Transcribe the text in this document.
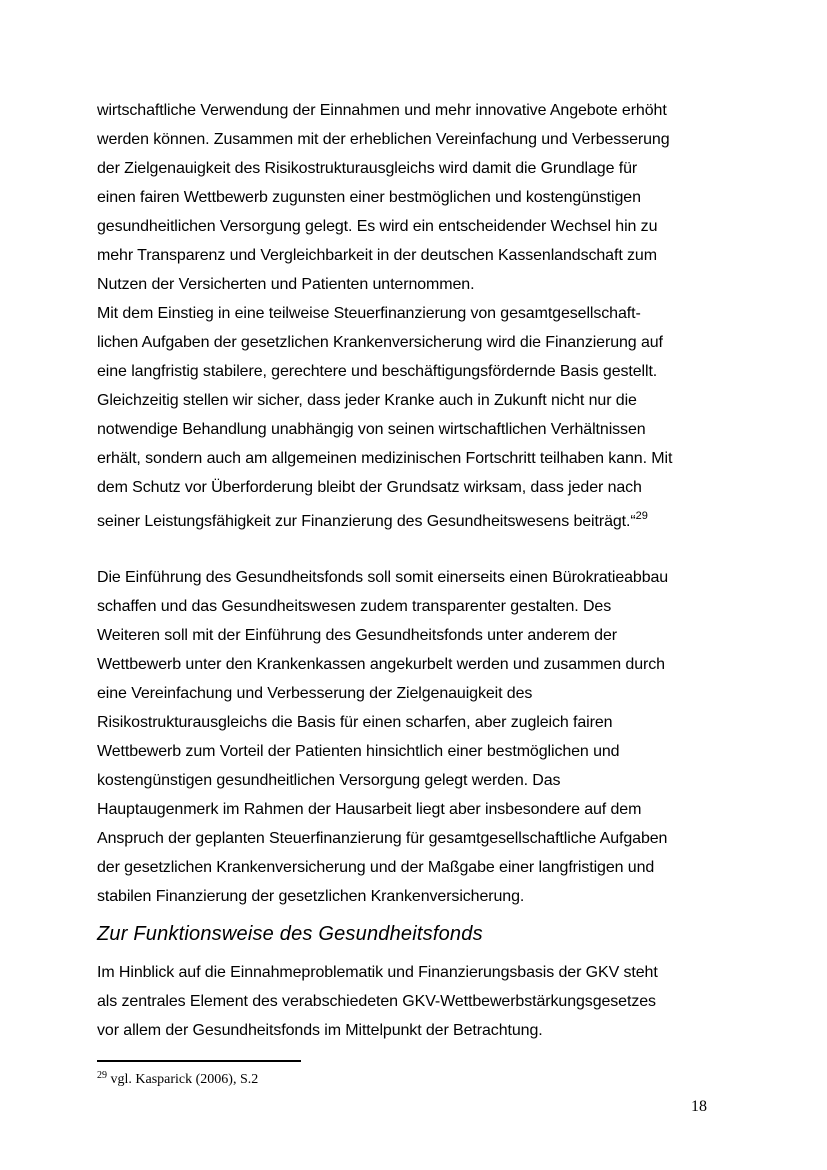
wirtschaftliche Verwendung der Einnahmen und mehr innovative Angebote erhöht
werden können. Zusammen mit der erheblichen Vereinfachung und Verbesserung
der Zielgenauigkeit des Risikostrukturausgleichs wird damit die Grundlage für
einen fairen Wettbewerb zugunsten einer bestmöglichen und kostengünstigen
gesundheitlichen Versorgung gelegt. Es wird ein entscheidender Wechsel hin zu
mehr Transparenz und Vergleichbarkeit in der deutschen Kassenlandschaft zum
Nutzen der Versicherten und Patienten unternommen.
Mit dem Einstieg in eine teilweise Steuerfinanzierung von gesamtgesellschaft-
lichen Aufgaben der gesetzlichen Krankenversicherung wird die Finanzierung auf
eine langfristig stabilere, gerechtere und beschäftigungsfördernde Basis gestellt.
Gleichzeitig stellen wir sicher, dass jeder Kranke auch in Zukunft nicht nur die
notwendige Behandlung unabhängig von seinen wirtschaftlichen Verhältnissen
erhält, sondern auch am allgemeinen medizinischen Fortschritt teilhaben kann. Mit
dem Schutz vor Überforderung bleibt der Grundsatz wirksam, dass jeder nach
seiner Leistungsfähigkeit zur Finanzierung des Gesundheitswesens beiträgt.“$^{29}$
Die Einführung des Gesundheitsfonds soll somit einerseits einen Bürokratieabbau
schaffen und das Gesundheitswesen zudem transparenter gestalten. Des
Weiteren soll mit der Einführung des Gesundheitsfonds unter anderem der
Wettbewerb unter den Krankenkassen angekurbelt werden und zusammen durch
eine Vereinfachung und Verbesserung der Zielgenauigkeit des
Risikostrukturausgleichs die Basis für einen scharfen, aber zugleich fairen
Wettbewerb zum Vorteil der Patienten hinsichtlich einer bestmöglichen und
kostengünstigen gesundheitlichen Versorgung gelegt werden. Das
Hauptaugenmerk im Rahmen der Hausarbeit liegt aber insbesondere auf dem
Anspruch der geplanten Steuerfinanzierung für gesamtgesellschaftliche Aufgaben
der gesetzlichen Krankenversicherung und der Maßgabe einer langfristigen und
stabilen Finanzierung der gesetzlichen Krankenversicherung.
Zur Funktionsweise des Gesundheitsfonds
Im Hinblick auf die Einnahmeproblematik und Finanzierungsbasis der GKV steht
als zentrales Element des verabschiedeten GKV-Wettbewerbstärkungsgesetzes
vor allem der Gesundheitsfonds im Mittelpunkt der Betrachtung.
$^{29}$ vgl. Kasparick (2006), S.2
18
